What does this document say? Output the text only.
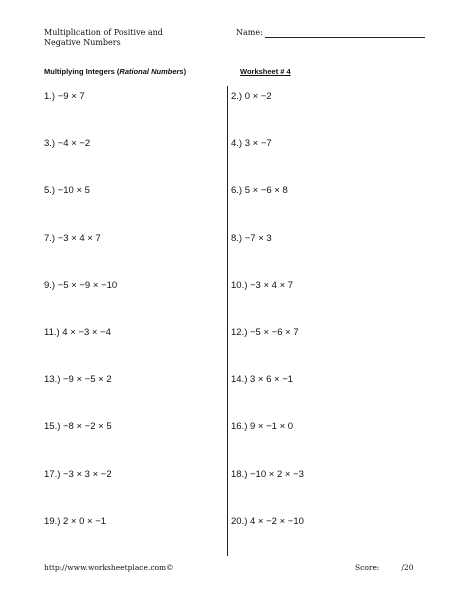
Multiplication of Positive and
Negative Numbers
Name:
Multiplying Integers (Rational Numbers)	Worksheet # 4
1.) −9 × 7	2.) 0 × −2
3.) −4 × −2	4.) 3 × −7
5.) −10 × 5	6.) 5 × −6 × 8
7.) −3 × 4 × 7	8.) −7 × 3
9.) −5 × −9 × −10	10.) −3 × 4 × 7
11.) 4 × −3 × −4	12.) −5 × −6 × 7
13.) −9 × −5 × 2	14.) 3 × 6 × −1
15.) −8 × −2 × 5	16.) 9 × −1 × 0
17.) −3 × 3 × −2	18.) −10 × 2 × −3
19.) 2 × 0 × −1	20.) 4 × −2 × −10
http://www.worksheetplace.com©	Score:	/20
